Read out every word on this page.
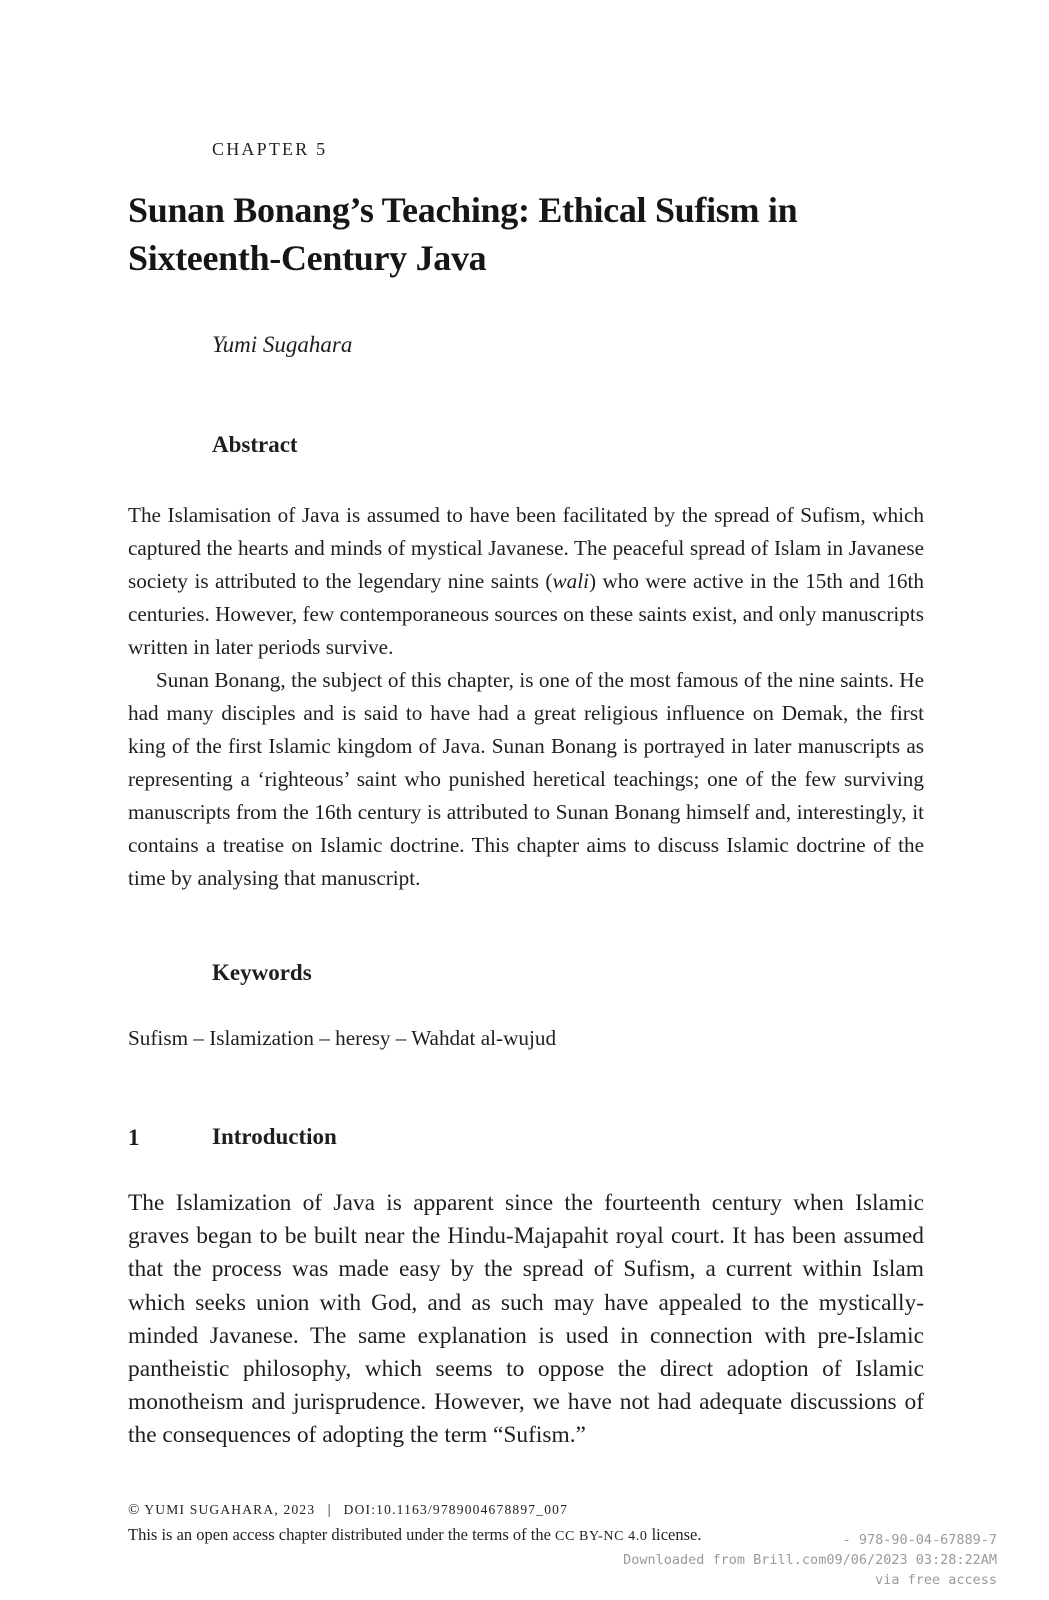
CHAPTER 5
Sunan Bonang’s Teaching: Ethical Sufism in Sixteenth-Century Java
Yumi Sugahara
Abstract

The Islamisation of Java is assumed to have been facilitated by the spread of Sufism, which captured the hearts and minds of mystical Javanese. The peaceful spread of Islam in Javanese society is attributed to the legendary nine saints (wali) who were active in the 15th and 16th centuries. However, few contemporaneous sources on these saints exist, and only manuscripts written in later periods survive.

Sunan Bonang, the subject of this chapter, is one of the most famous of the nine saints. He had many disciples and is said to have had a great religious influence on Demak, the first king of the first Islamic kingdom of Java. Sunan Bonang is portrayed in later manuscripts as representing a ‘righteous’ saint who punished heretical teachings; one of the few surviving manuscripts from the 16th century is attributed to Sunan Bonang himself and, interestingly, it contains a treatise on Islamic doctrine. This chapter aims to discuss Islamic doctrine of the time by analysing that manuscript.

Keywords
Sufism – Islamization – heresy – Wahdat al-wujud
1	Introduction

The Islamization of Java is apparent since the fourteenth century when Islamic graves began to be built near the Hindu-Majapahit royal court. It has been assumed that the process was made easy by the spread of Sufism, a current within Islam which seeks union with God, and as such may have appealed to the mystically-minded Javanese. The same explanation is used in connection with pre-Islamic pantheistic philosophy, which seems to oppose the direct adoption of Islamic monotheism and jurisprudence. However, we have not had adequate discussions of the consequences of adopting the term “Sufism.”

© YUMI SUGAHARA, 2023 | DOI:10.1163/9789004678897_007
This is an open access chapter distributed under the terms of the CC BY-NC 4.0 license.	- 978-90-04-67889-7
Downloaded from Brill.com09/06/2023 03:28:22AM
via free access
